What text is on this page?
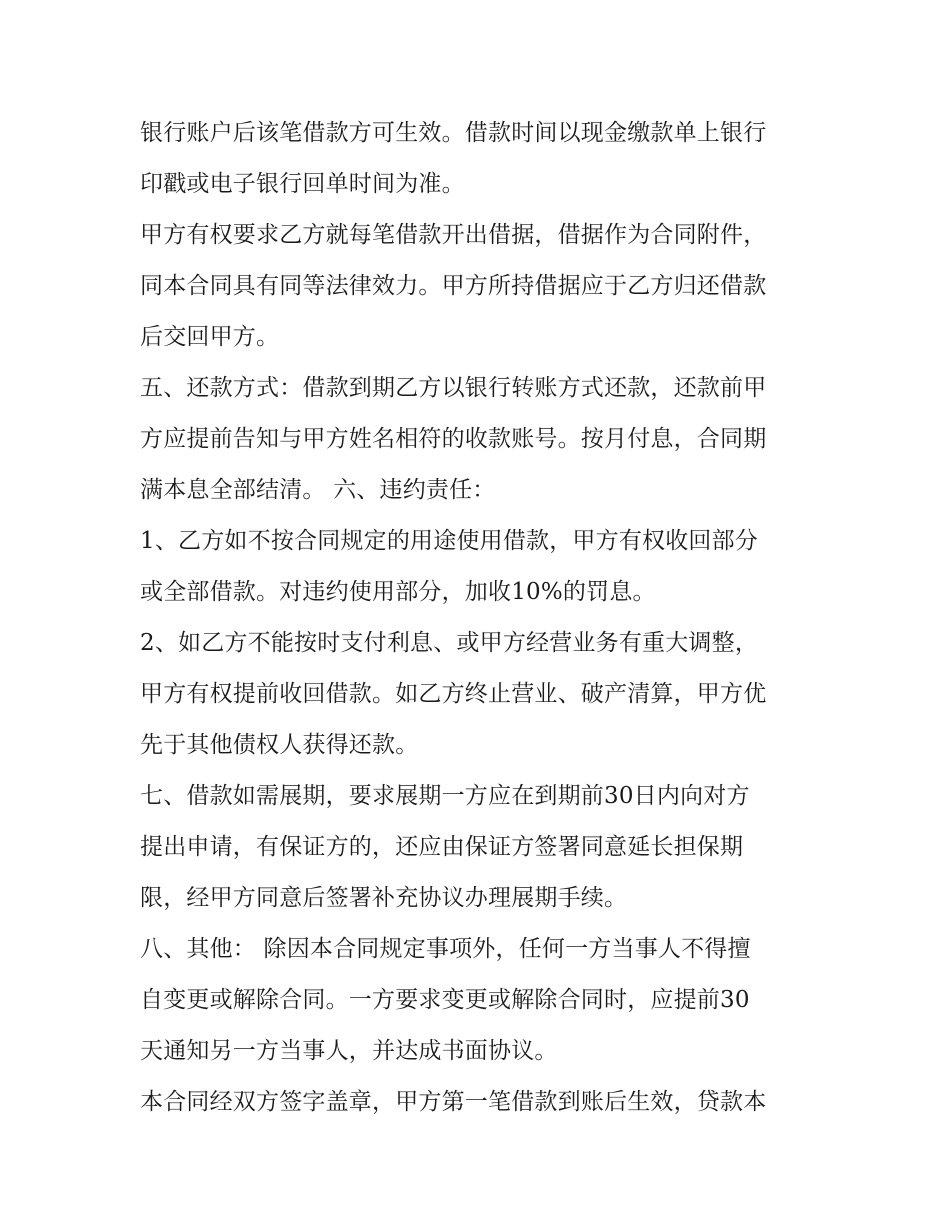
银行账户后该笔借款方可生效。借款时间以现金缴款单上银行
印戳或电子银行回单时间为准。
甲方有权要求乙方就每笔借款开出借据，借据作为合同附件，
同本合同具有同等法律效力。甲方所持借据应于乙方归还借款
后交回甲方。
五、还款方式：借款到期乙方以银行转账方式还款，还款前甲
方应提前告知与甲方姓名相符的收款账号。按月付息，合同期
满本息全部结清。 六、违约责任：
1、乙方如不按合同规定的用途使用借款，甲方有权收回部分
或全部借款。对违约使用部分，加收10%的罚息。
2、如乙方不能按时支付利息、或甲方经营业务有重大调整，
甲方有权提前收回借款。如乙方终止营业、破产清算，甲方优
先于其他债权人获得还款。
七、借款如需展期，要求展期一方应在到期前30日内向对方
提出申请，有保证方的，还应由保证方签署同意延长担保期
限，经甲方同意后签署补充协议办理展期手续。
八、其他： 除因本合同规定事项外，任何一方当事人不得擅
自变更或解除合同。一方要求变更或解除合同时，应提前30
天通知另一方当事人，并达成书面协议。
本合同经双方签字盖章，甲方第一笔借款到账后生效，贷款本
